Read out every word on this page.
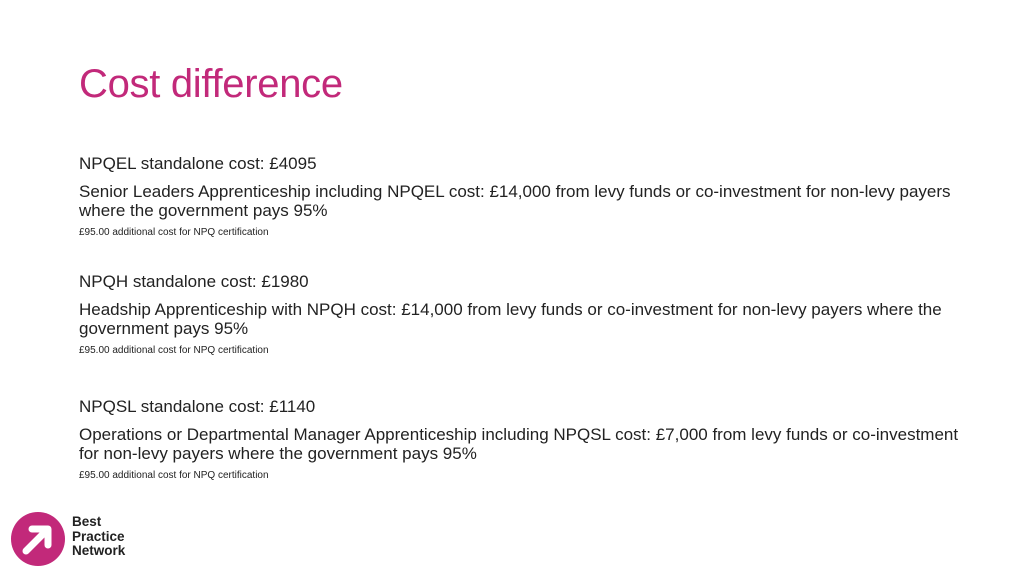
Cost difference

NPQEL standalone cost: £4095

Senior Leaders Apprenticeship including NPQEL cost: £14,000 from levy funds or co-investment for non-levy payers where the government pays 95%

£95.00 additional cost for NPQ certification

NPQH standalone cost: £1980

Headship Apprenticeship with NPQH cost: £14,000 from levy funds or co-investment for non-levy payers where the government pays 95%

£95.00 additional cost for NPQ certification

NPQSL standalone cost: £1140

Operations or Departmental Manager Apprenticeship including NPQSL cost: £7,000 from levy funds or co-investment for non-levy payers where the government pays 95%

£95.00 additional cost for NPQ certification

Best
Practice
Network
